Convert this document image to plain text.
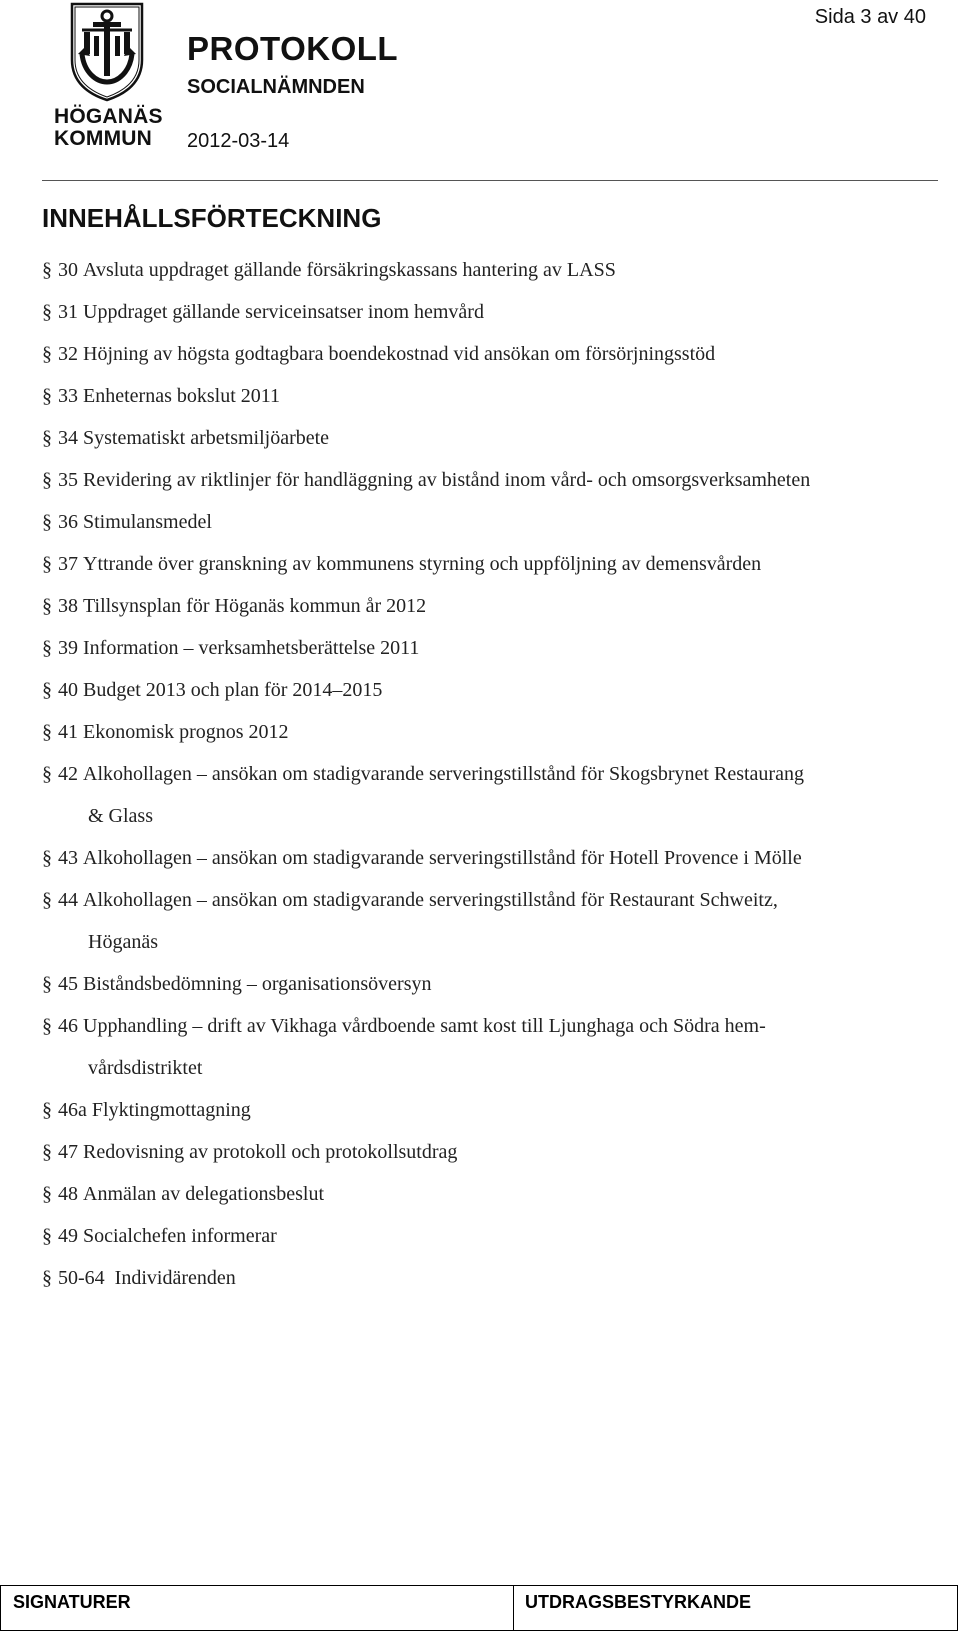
HÖGANÄS
KOMMUN
PROTOKOLL
SOCIALNÄMNDEN
2012-03-14
Sida 3 av 40
INNEHÅLLSFÖRTECKNING
§ 30 Avsluta uppdraget gällande försäkringskassans hantering av LASS
§ 31 Uppdraget gällande serviceinsatser inom hemvård
§ 32 Höjning av högsta godtagbara boendekostnad vid ansökan om försörjningsstöd
§ 33 Enheternas bokslut 2011
§ 34 Systematiskt arbetsmiljöarbete
§ 35 Revidering av riktlinjer för handläggning av bistånd inom vård- och omsorgsverksamheten
§ 36 Stimulansmedel
§ 37 Yttrande över granskning av kommunens styrning och uppföljning av demensvården
§ 38 Tillsynsplan för Höganäs kommun år 2012
§ 39 Information – verksamhetsberättelse 2011
§ 40 Budget 2013 och plan för 2014–2015
§ 41 Ekonomisk prognos 2012
§ 42 Alkohollagen – ansökan om stadigvarande serveringstillstånd för Skogsbrynet Restaurang
& Glass
§ 43 Alkohollagen – ansökan om stadigvarande serveringstillstånd för Hotell Provence i Mölle
§ 44 Alkohollagen – ansökan om stadigvarande serveringstillstånd för Restaurant Schweitz,
Höganäs
§ 45 Biståndsbedömning – organisationsöversyn
§ 46 Upphandling – drift av Vikhaga vårdboende samt kost till Ljunghaga och Södra hem-
vårdsdistriktet
§ 46a Flyktingmottagning
§ 47 Redovisning av protokoll och protokollsutdrag
§ 48 Anmälan av delegationsbeslut
§ 49 Socialchefen informerar
§ 50-64 Individärenden
SIGNATURER	UTDRAGSBESTYRKANDE
